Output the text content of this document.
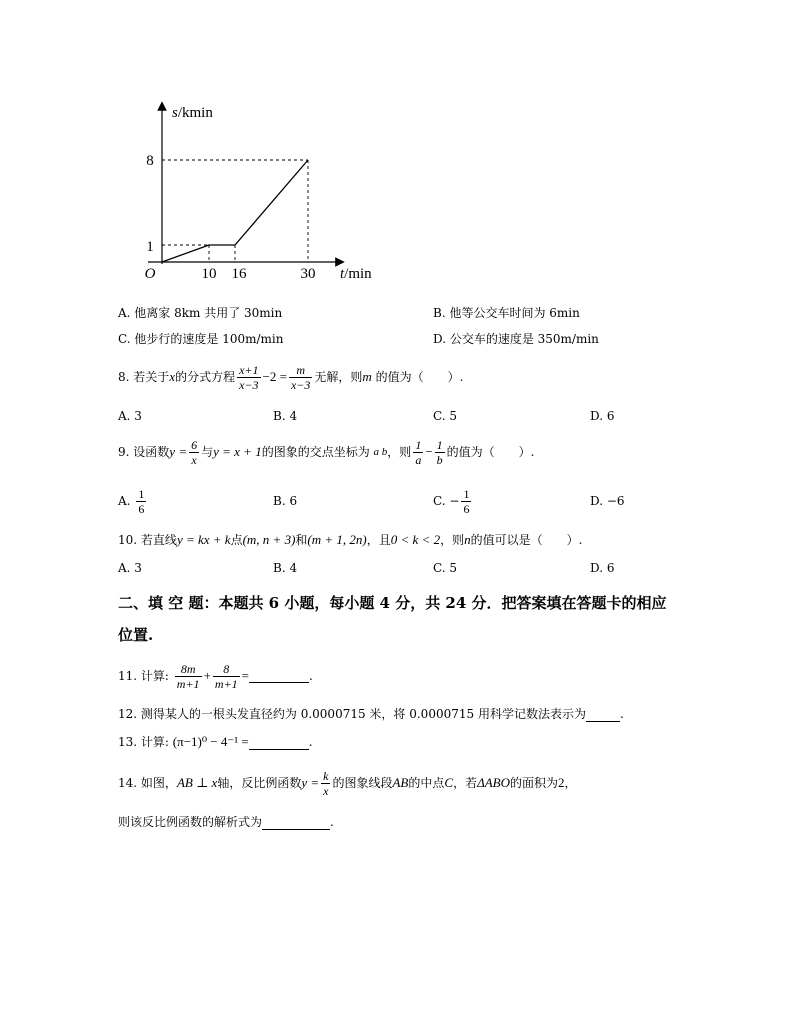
s/kmin
8
1
O	10 16	30 t/min
A. 他离家 8km 共用了 30min	B. 他等公交车时间为 6min
C. 他步行的速度是 100m/min	D. 公交车的速度是 350m/min
8.
若关于 x 的分式方程 $\frac{x+1}{x-3} -2 = \frac{m}{x-3}$ 无解，则 m
的值为（　　）.
A. 3	B. 4	C. 5	D. 6
9.
设函数 $y = \frac{6}{x}$ 与 y = x + 1 的图象的交点坐标为
a b ，则 $\frac{1}{a} - \frac{1}{b}$ 的值为（　　）.
A.
$\frac{1}{6}$	B. 6	C. − $\frac{1}{6}$	D. −6
10.
若直线 y = kx + k 点 (m, n + 3) 和 (m + 1, 2n) ，且 0 < k < 2 ，则 n 的值可以是（　　）.
A. 3	B. 4	C. 5	D. 6
二、填 空 题：本题共 6 小题，每小题 4 分，共 24 分．把答案填在答题卡的相应
位置.
11.
计算:
$\frac{8m}{m+1} + \frac{8}{m+1}$ =	.
12. 测得某人的一根头发直径约为 0.0000715 米，将 0.0000715 用科学记数法表示为	.
13.
计算:
(π−1)⁰ − 4⁻¹ =	.
14.
如图， AB ⊥ x 轴，反比例函数 $y = \frac{k}{x}$ 的图象线段 AB 的中点 C ，若 ΔABO 的面积为 2 ，
则该反比例函数的解析式为	.
